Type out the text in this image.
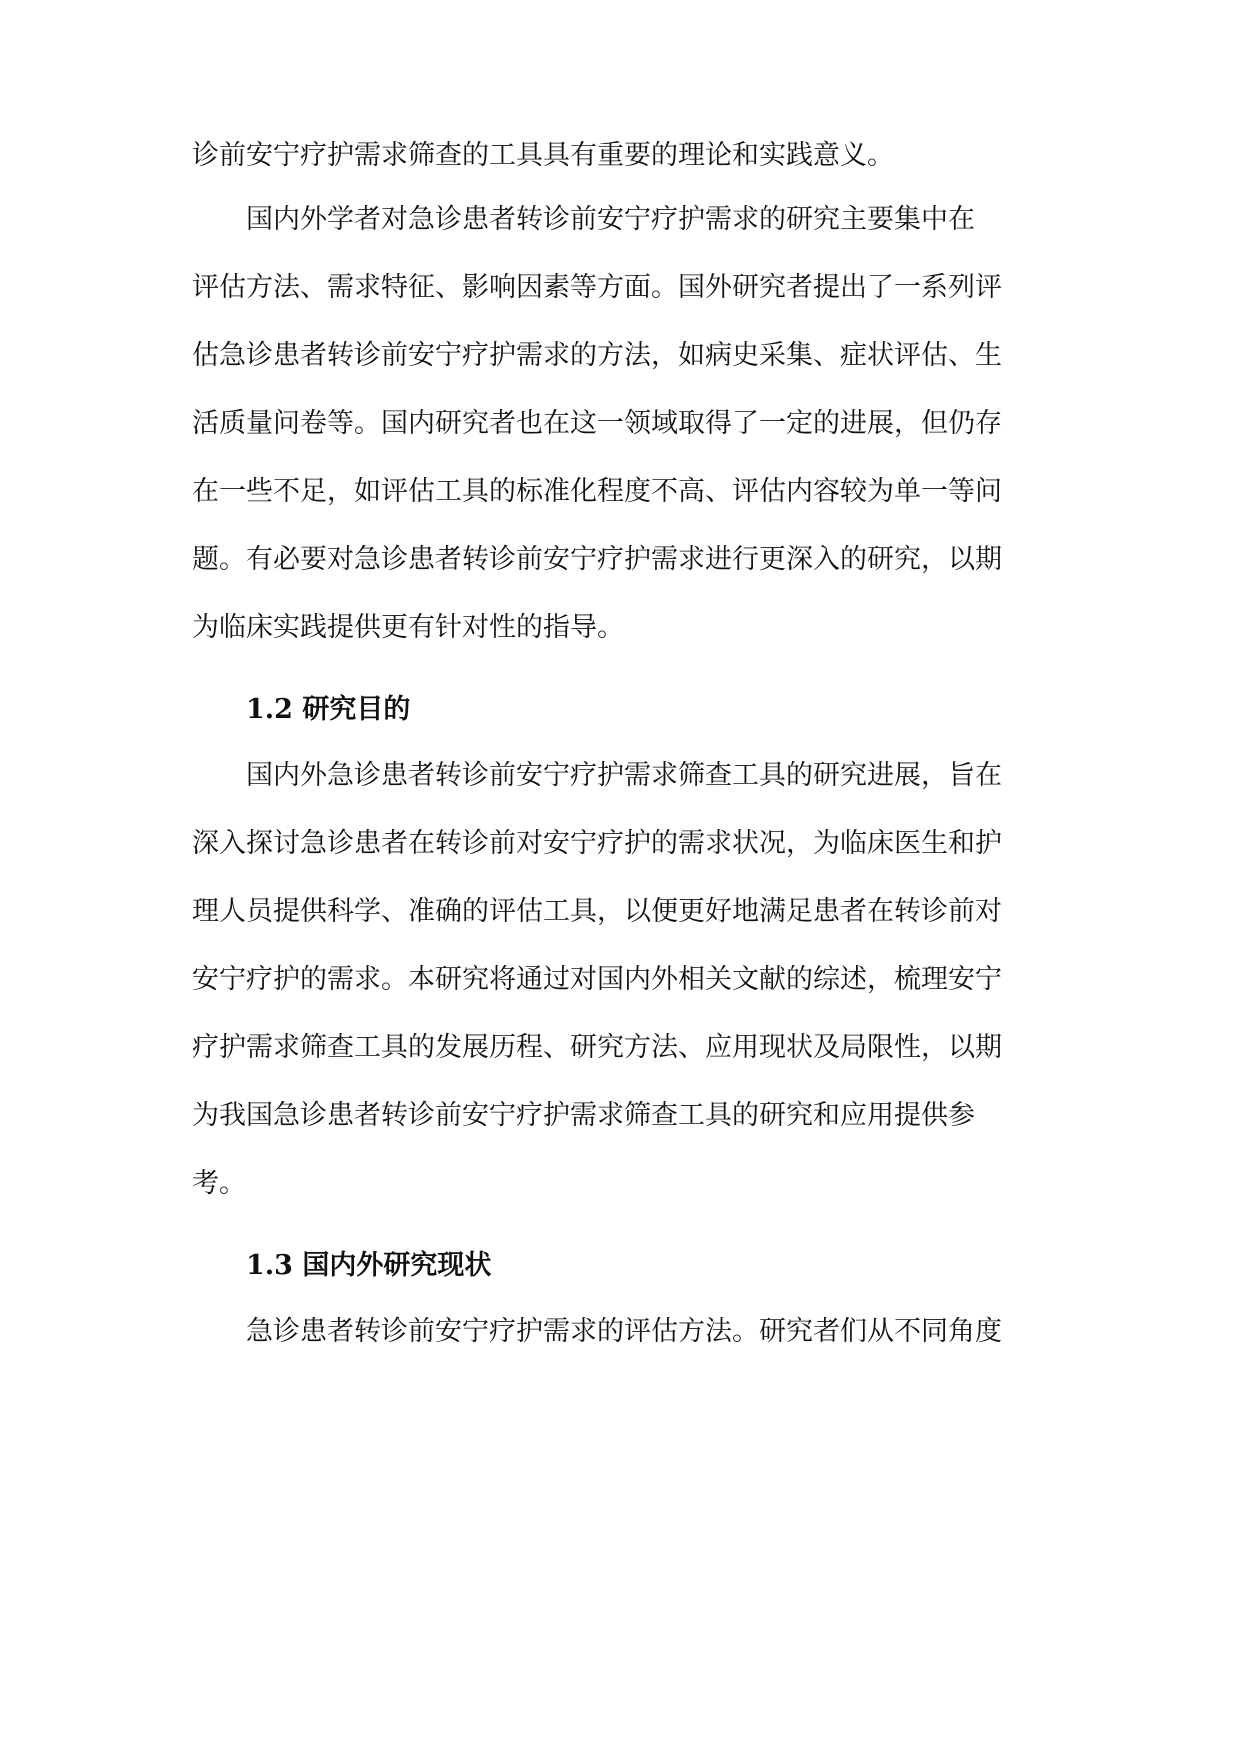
诊前安宁疗护需求筛查的工具具有重要的理论和实践意义。

国内外学者对急诊患者转诊前安宁疗护需求的研究主要集中在

评估方法、需求特征、影响因素等方面。国外研究者提出了一系列评

估急诊患者转诊前安宁疗护需求的方法，如病史采集、症状评估、生

活质量问卷等。国内研究者也在这一领域取得了一定的进展，但仍存

在一些不足，如评估工具的标准化程度不高、评估内容较为单一等问

题。有必要对急诊患者转诊前安宁疗护需求进行更深入的研究，以期

为临床实践提供更有针对性的指导。

1.2 研究目的

国内外急诊患者转诊前安宁疗护需求筛查工具的研究进展，旨在

深入探讨急诊患者在转诊前对安宁疗护的需求状况，为临床医生和护

理人员提供科学、准确的评估工具，以便更好地满足患者在转诊前对

安宁疗护的需求。本研究将通过对国内外相关文献的综述，梳理安宁

疗护需求筛查工具的发展历程、研究方法、应用现状及局限性，以期

为我国急诊患者转诊前安宁疗护需求筛查工具的研究和应用提供参

考。

1.3 国内外研究现状

急诊患者转诊前安宁疗护需求的评估方法。研究者们从不同角度
